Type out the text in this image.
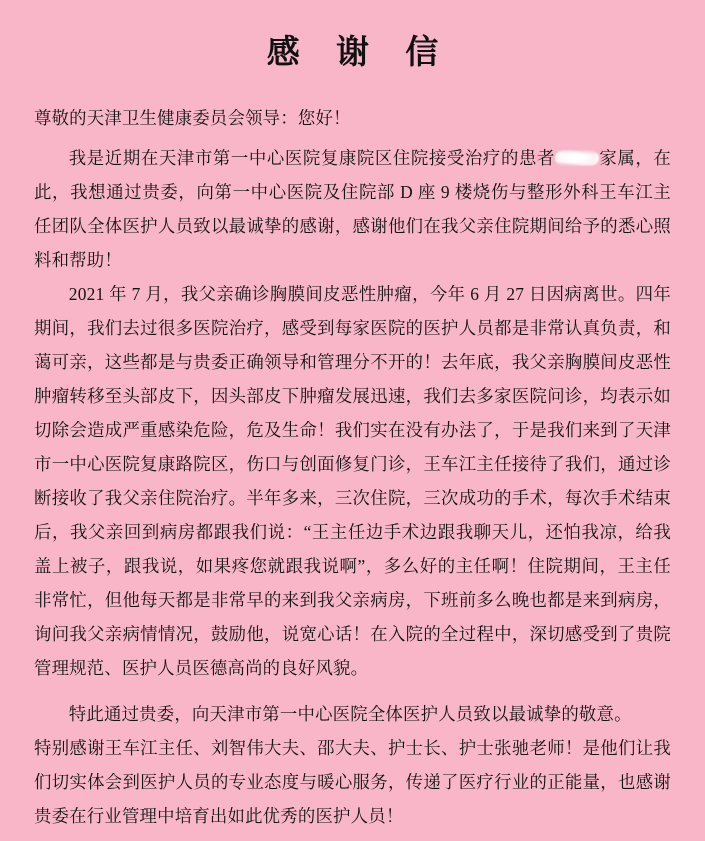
感 谢 信

尊敬的天津卫生健康委员会领导：您好！

我是近期在天津市第一中心医院复康院区住院接受治疗的患者	家属，在此，我想通过贵委，向第一中心医院及住院部 D 座 9 楼烧伤与整形外科王车江主任团队全体医护人员致以最诚挚的感谢，感谢他们在我父亲住院期间给予的悉心照料和帮助！

2021 年 7 月，我父亲确诊胸膜间皮恶性肿瘤，今年 6 月 27 日因病离世。四年期间，我们去过很多医院治疗，感受到每家医院的医护人员都是非常认真负责，和蔼可亲，这些都是与贵委正确领导和管理分不开的！去年底，我父亲胸膜间皮恶性肿瘤转移至头部皮下，因头部皮下肿瘤发展迅速，我们去多家医院问诊，均表示如切除会造成严重感染危险，危及生命！我们实在没有办法了，于是我们来到了天津市一中心医院复康路院区，伤口与创面修复门诊，王车江主任接待了我们，通过诊断接收了我父亲住院治疗。半年多来，三次住院，三次成功的手术，每次手术结束后，我父亲回到病房都跟我们说：“王主任边手术边跟我聊天儿，还怕我凉，给我盖上被子，跟我说，如果疼您就跟我说啊”，多么好的主任啊！住院期间，王主任非常忙，但他每天都是非常早的来到我父亲病房，下班前多么晚也都是来到病房，询问我父亲病情情况，鼓励他，说宽心话！在入院的全过程中，深切感受到了贵院管理规范、医护人员医德高尚的良好风貌。

特此通过贵委，向天津市第一中心医院全体医护人员致以最诚挚的敬意。

特别感谢王车江主任、刘智伟大夫、邵大夫、护士长、护士张驰老师！是他们让我们切实体会到医护人员的专业态度与暖心服务，传递了医疗行业的正能量，也感谢贵委在行业管理中培育出如此优秀的医护人员！
